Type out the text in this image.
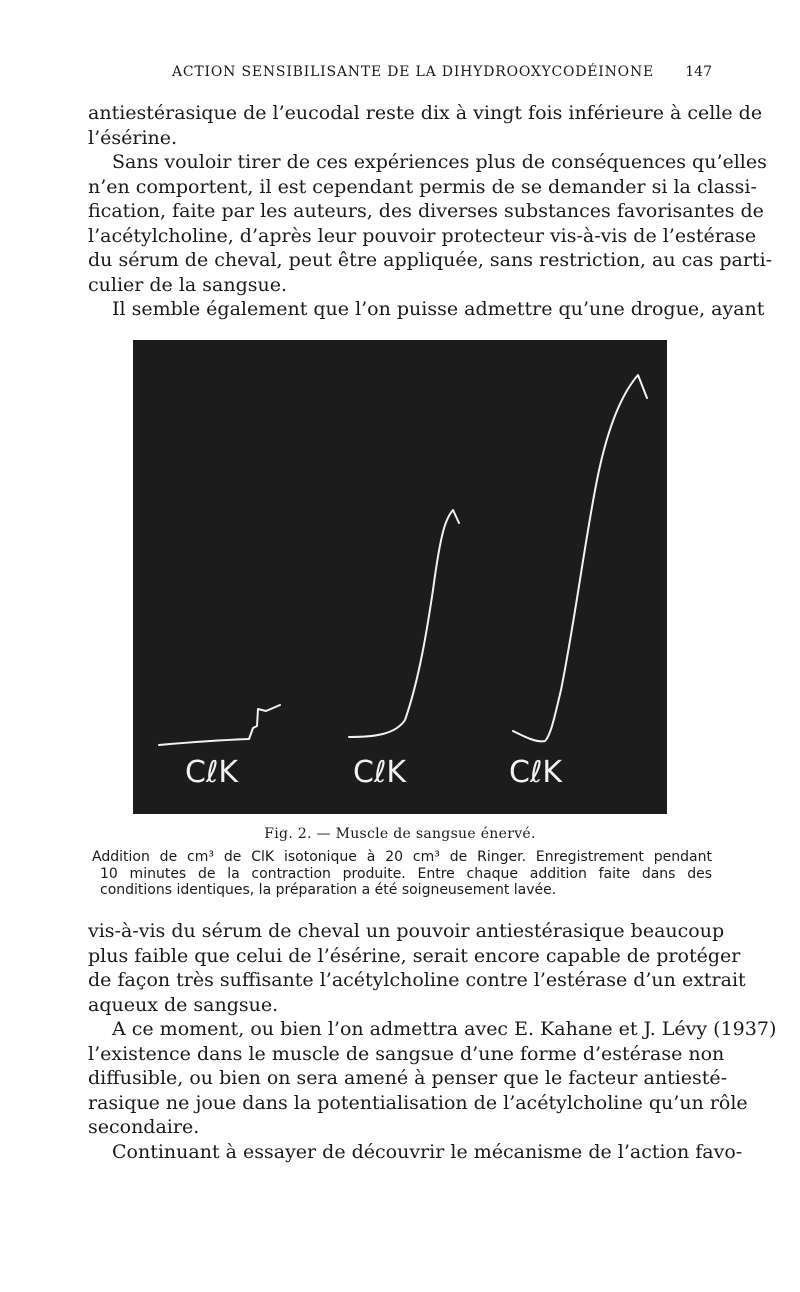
ACTION SENSIBILISANTE DE LA DIHYDROOXYCODÉINONE 147
antiestérasique de l’eucodal reste dix à vingt fois inférieure à celle de
l’ésérine.
Sans vouloir tirer de ces expériences plus de conséquences qu’elles
n’en comportent, il est cependant permis de se demander si la classi-
fication, faite par les auteurs, des diverses substances favorisantes de
l’acétylcholine, d’après leur pouvoir protecteur vis-à-vis de l’estérase
du sérum de cheval, peut être appliquée, sans restriction, au cas parti-
culier de la sangsue.
Il semble également que l’on puisse admettre qu’une drogue, ayant
CℓK	CℓK	CℓK
Fig. 2. — Muscle de sangsue énervé.
Addition de cm³ de ClK isotonique à 20 cm³ de Ringer. Enregistrement pendant
10 minutes de la contraction produite. Entre chaque addition faite dans des
conditions identiques, la préparation a été soigneusement lavée.
vis-à-vis du sérum de cheval un pouvoir antiestérasique beaucoup
plus faible que celui de l’ésérine, serait encore capable de protéger
de façon très suffisante l’acétylcholine contre l’estérase d’un extrait
aqueux de sangsue.
A ce moment, ou bien l’on admettra avec E. Kahane et J. Lévy (1937)
l’existence dans le muscle de sangsue d’une forme d’estérase non
diffusible, ou bien on sera amené à penser que le facteur antiesté-
rasique ne joue dans la potentialisation de l’acétylcholine qu’un rôle
secondaire.
Continuant à essayer de découvrir le mécanisme de l’action favo-
